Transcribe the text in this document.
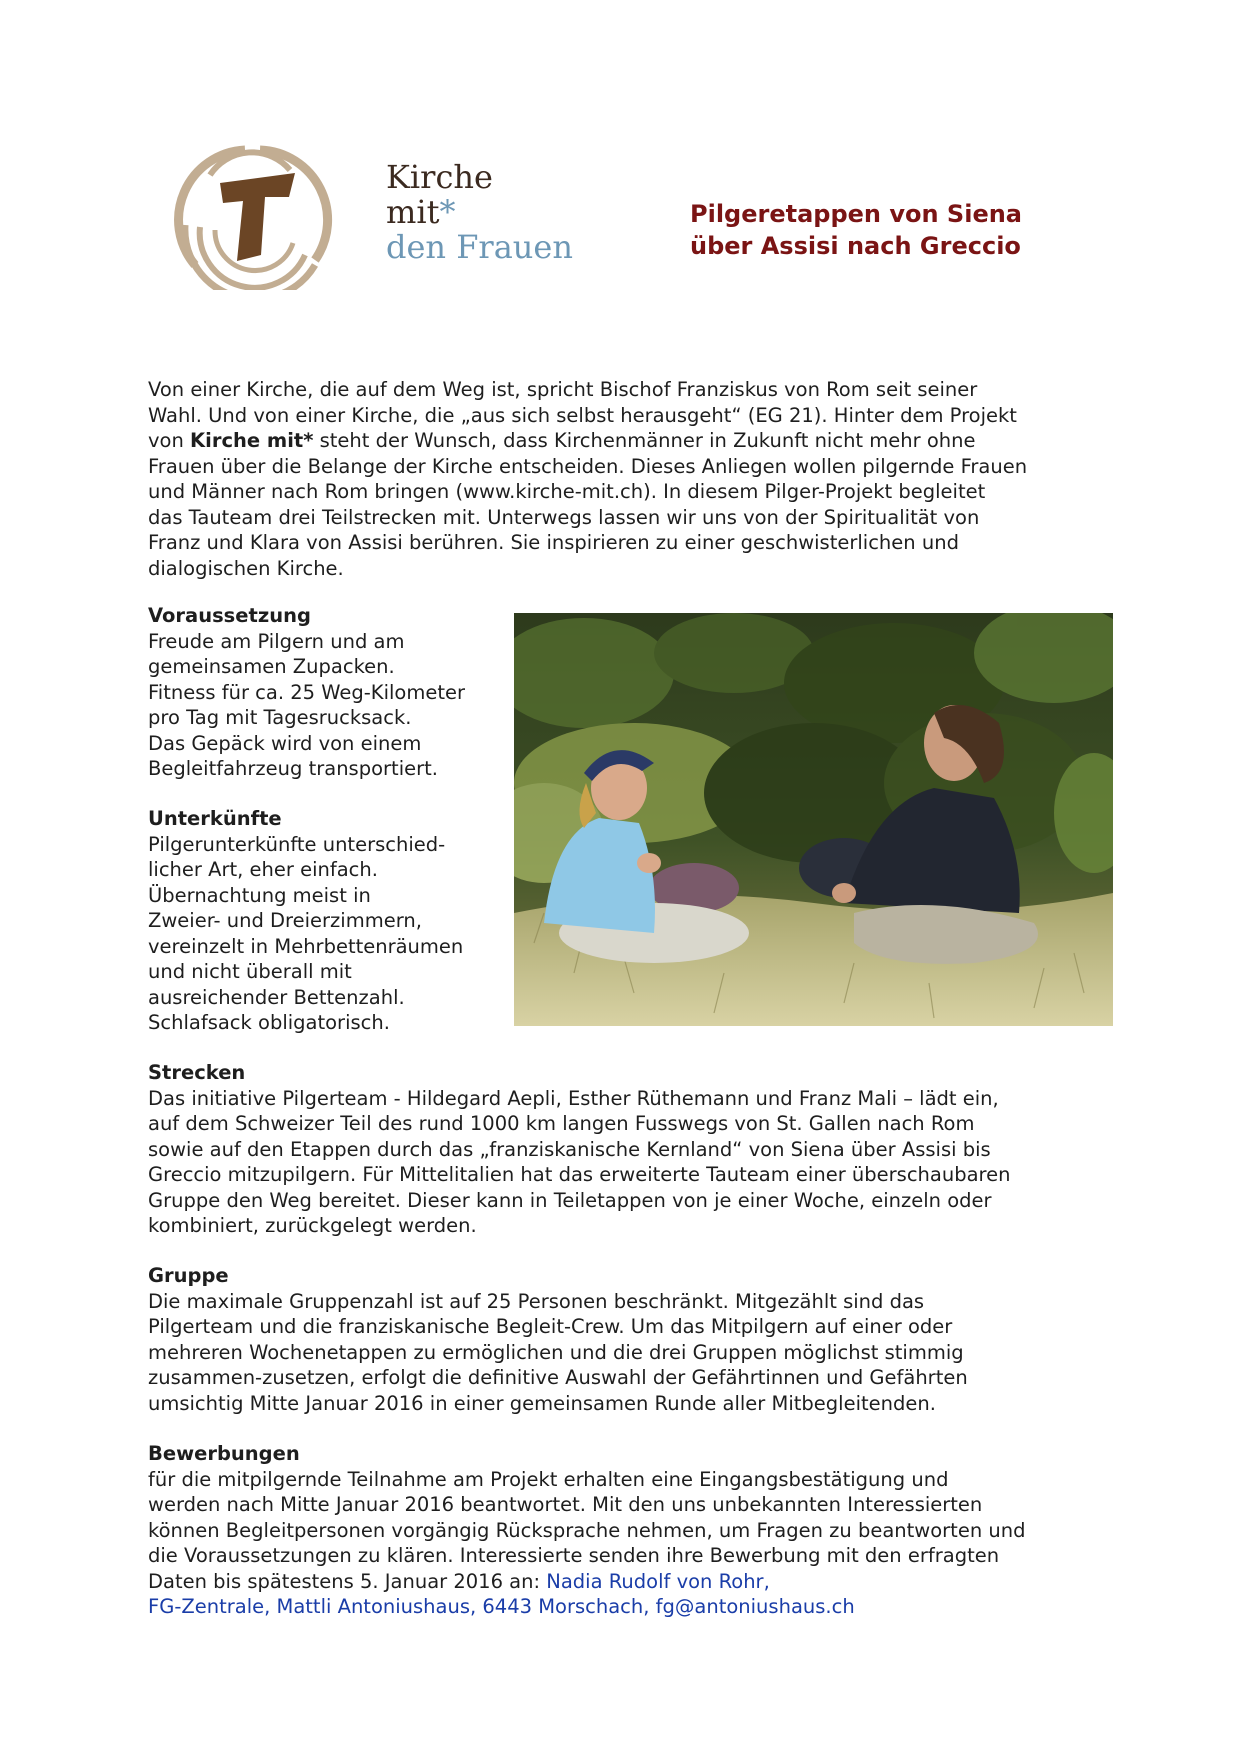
Kirche
mit*
den Frauen
Pilgeretappen von Siena
über Assisi nach Greccio
Von einer Kirche, die auf dem Weg ist, spricht Bischof Franziskus von Rom seit seiner
Wahl. Und von einer Kirche, die „aus sich selbst herausgeht“ (EG 21). Hinter dem Projekt
von Kirche mit* steht der Wunsch, dass Kirchenmänner in Zukunft nicht mehr ohne
Frauen über die Belange der Kirche entscheiden. Dieses Anliegen wollen pilgernde Frauen
und Männer nach Rom bringen (www.kirche-mit.ch). In diesem Pilger-Projekt begleitet
das Tauteam drei Teilstrecken mit. Unterwegs lassen wir uns von der Spiritualität von
Franz und Klara von Assisi berühren. Sie inspirieren zu einer geschwisterlichen und
dialogischen Kirche.
Voraussetzung
Freude am Pilgern und am
gemeinsamen Zupacken.
Fitness für ca. 25 Weg-Kilometer
pro Tag mit Tagesrucksack.
Das Gepäck wird von einem
Begleitfahrzeug transportiert.
Unterkünfte
Pilgerunterkünfte unterschied-
licher Art, eher einfach.
Übernachtung meist in
Zweier- und Dreierzimmern,
vereinzelt in Mehrbettenräumen
und nicht überall mit
ausreichender Bettenzahl.
Schlafsack obligatorisch.
Strecken
Das initiative Pilgerteam - Hildegard Aepli, Esther Rüthemann und Franz Mali – lädt ein,
auf dem Schweizer Teil des rund 1000 km langen Fusswegs von St. Gallen nach Rom
sowie auf den Etappen durch das „franziskanische Kernland“ von Siena über Assisi bis
Greccio mitzupilgern. Für Mittelitalien hat das erweiterte Tauteam einer überschaubaren
Gruppe den Weg bereitet. Dieser kann in Teiletappen von je einer Woche, einzeln oder
kombiniert, zurückgelegt werden.
Gruppe
Die maximale Gruppenzahl ist auf 25 Personen beschränkt. Mitgezählt sind das
Pilgerteam und die franziskanische Begleit-Crew. Um das Mitpilgern auf einer oder
mehreren Wochenetappen zu ermöglichen und die drei Gruppen möglichst stimmig
zusammen-zusetzen, erfolgt die definitive Auswahl der Gefährtinnen und Gefährten
umsichtig Mitte Januar 2016 in einer gemeinsamen Runde aller Mitbegleitenden.
Bewerbungen
für die mitpilgernde Teilnahme am Projekt erhalten eine Eingangsbestätigung und
werden nach Mitte Januar 2016 beantwortet. Mit den uns unbekannten Interessierten
können Begleitpersonen vorgängig Rücksprache nehmen, um Fragen zu beantworten und
die Voraussetzungen zu klären. Interessierte senden ihre Bewerbung mit den erfragten
Daten bis spätestens 5. Januar 2016 an: Nadia Rudolf von Rohr,
FG-Zentrale, Mattli Antoniushaus, 6443 Morschach, fg@antoniushaus.ch
